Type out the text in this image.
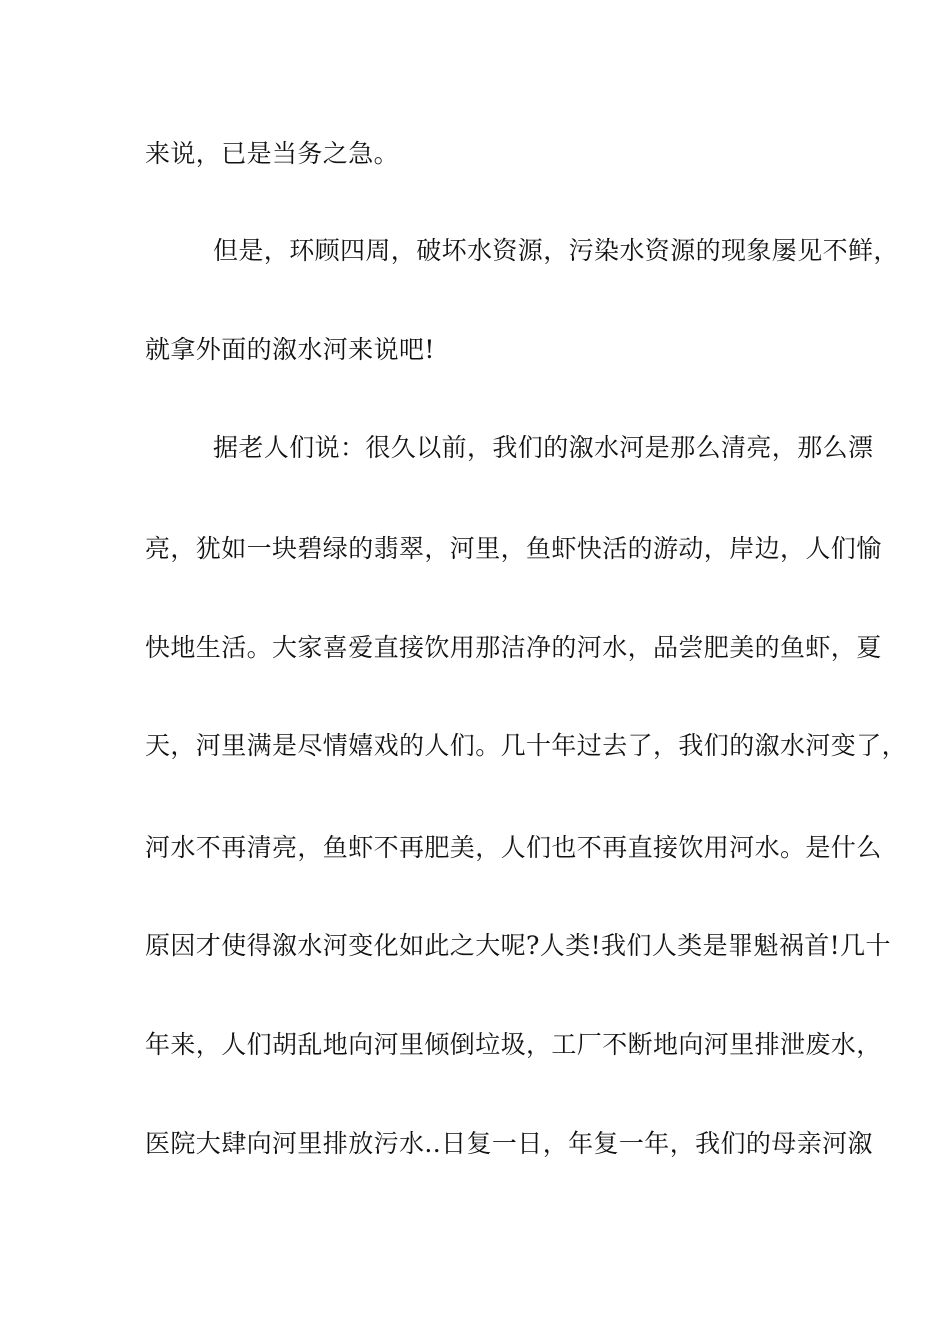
来说，已是当务之急。
但是，环顾四周，破坏水资源，污染水资源的现象屡见不鲜，
就拿外面的溆水河来说吧!
据老人们说：很久以前，我们的溆水河是那么清亮，那么漂
亮，犹如一块碧绿的翡翠，河里，鱼虾快活的游动，岸边，人们愉
快地生活。大家喜爱直接饮用那洁净的河水，品尝肥美的鱼虾，夏
天，河里满是尽情嬉戏的人们。几十年过去了，我们的溆水河变了，
河水不再清亮，鱼虾不再肥美，人们也不再直接饮用河水。是什么
原因才使得溆水河变化如此之大呢?人类!我们人类是罪魁祸首!几十
年来，人们胡乱地向河里倾倒垃圾，工厂不断地向河里排泄废水，
医院大肆向河里排放污水..日复一日，年复一年，我们的母亲河溆
